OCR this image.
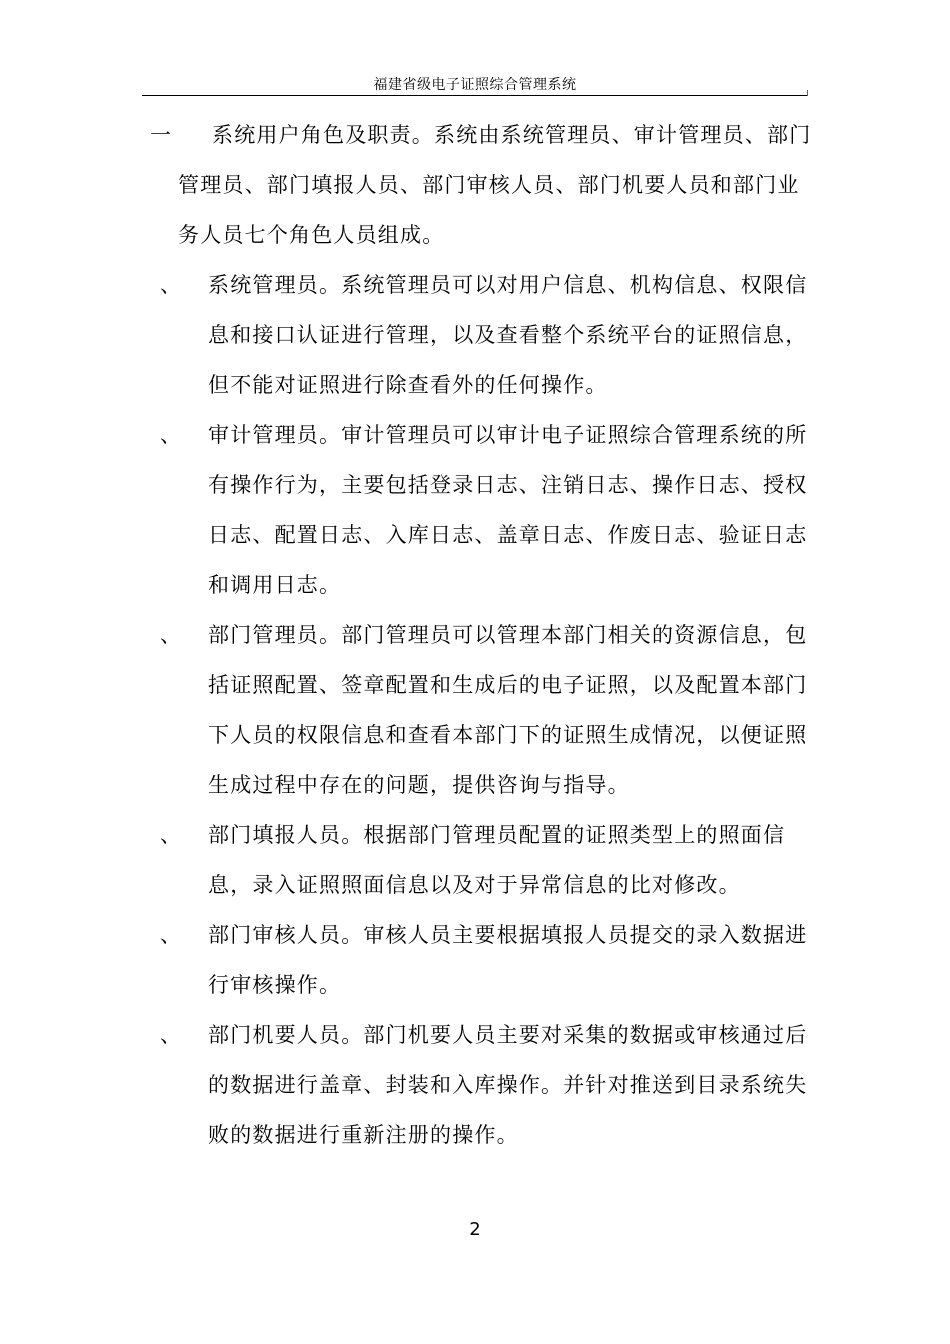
福建省级电子证照综合管理系统
一 系统用户角色及职责。系统由系统管理员、审计管理员、部门
管理员、部门填报人员、部门审核人员、部门机要人员和部门业
务人员七个角色人员组成。
、 系统管理员。系统管理员可以对用户信息、机构信息、权限信
息和接口认证进行管理，以及查看整个系统平台的证照信息，
但不能对证照进行除查看外的任何操作。
、 审计管理员。审计管理员可以审计电子证照综合管理系统的所
有操作行为，主要包括登录日志、注销日志、操作日志、授权
日志、配置日志、入库日志、盖章日志、作废日志、验证日志
和调用日志。
、 部门管理员。部门管理员可以管理本部门相关的资源信息，包
括证照配置、签章配置和生成后的电子证照，以及配置本部门
下人员的权限信息和查看本部门下的证照生成情况，以便证照
生成过程中存在的问题，提供咨询与指导。
、 部门填报人员。根据部门管理员配置的证照类型上的照面信
息，录入证照照面信息以及对于异常信息的比对修改。
、 部门审核人员。审核人员主要根据填报人员提交的录入数据进
行审核操作。
、 部门机要人员。部门机要人员主要对采集的数据或审核通过后
的数据进行盖章、封装和入库操作。并针对推送到目录系统失
败的数据进行重新注册的操作。
2
